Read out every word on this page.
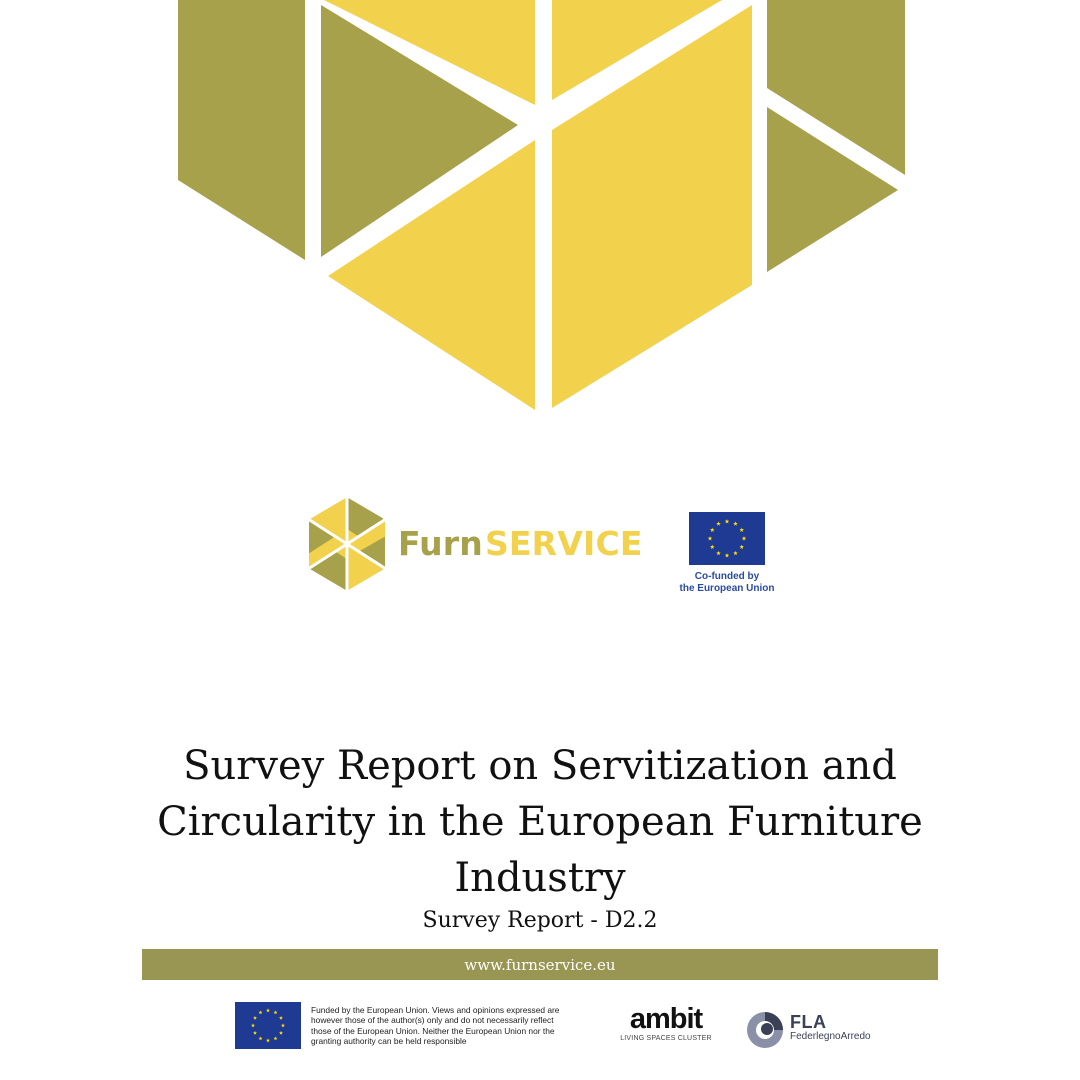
FurnSERVICE
Co-funded by
the European Union
Survey Report on Servitization and Circularity in the European Furniture Industry
Survey Report - D2.2
www.furnservice.eu
Funded by the European Union. Views and opinions expressed are however those of the author(s) only and do not necessarily reflect those of the European Union. Neither the European Union nor the granting authority can be held responsible
ambit
LIVING SPACES CLUSTER
FLA
FederlegnoArredo
